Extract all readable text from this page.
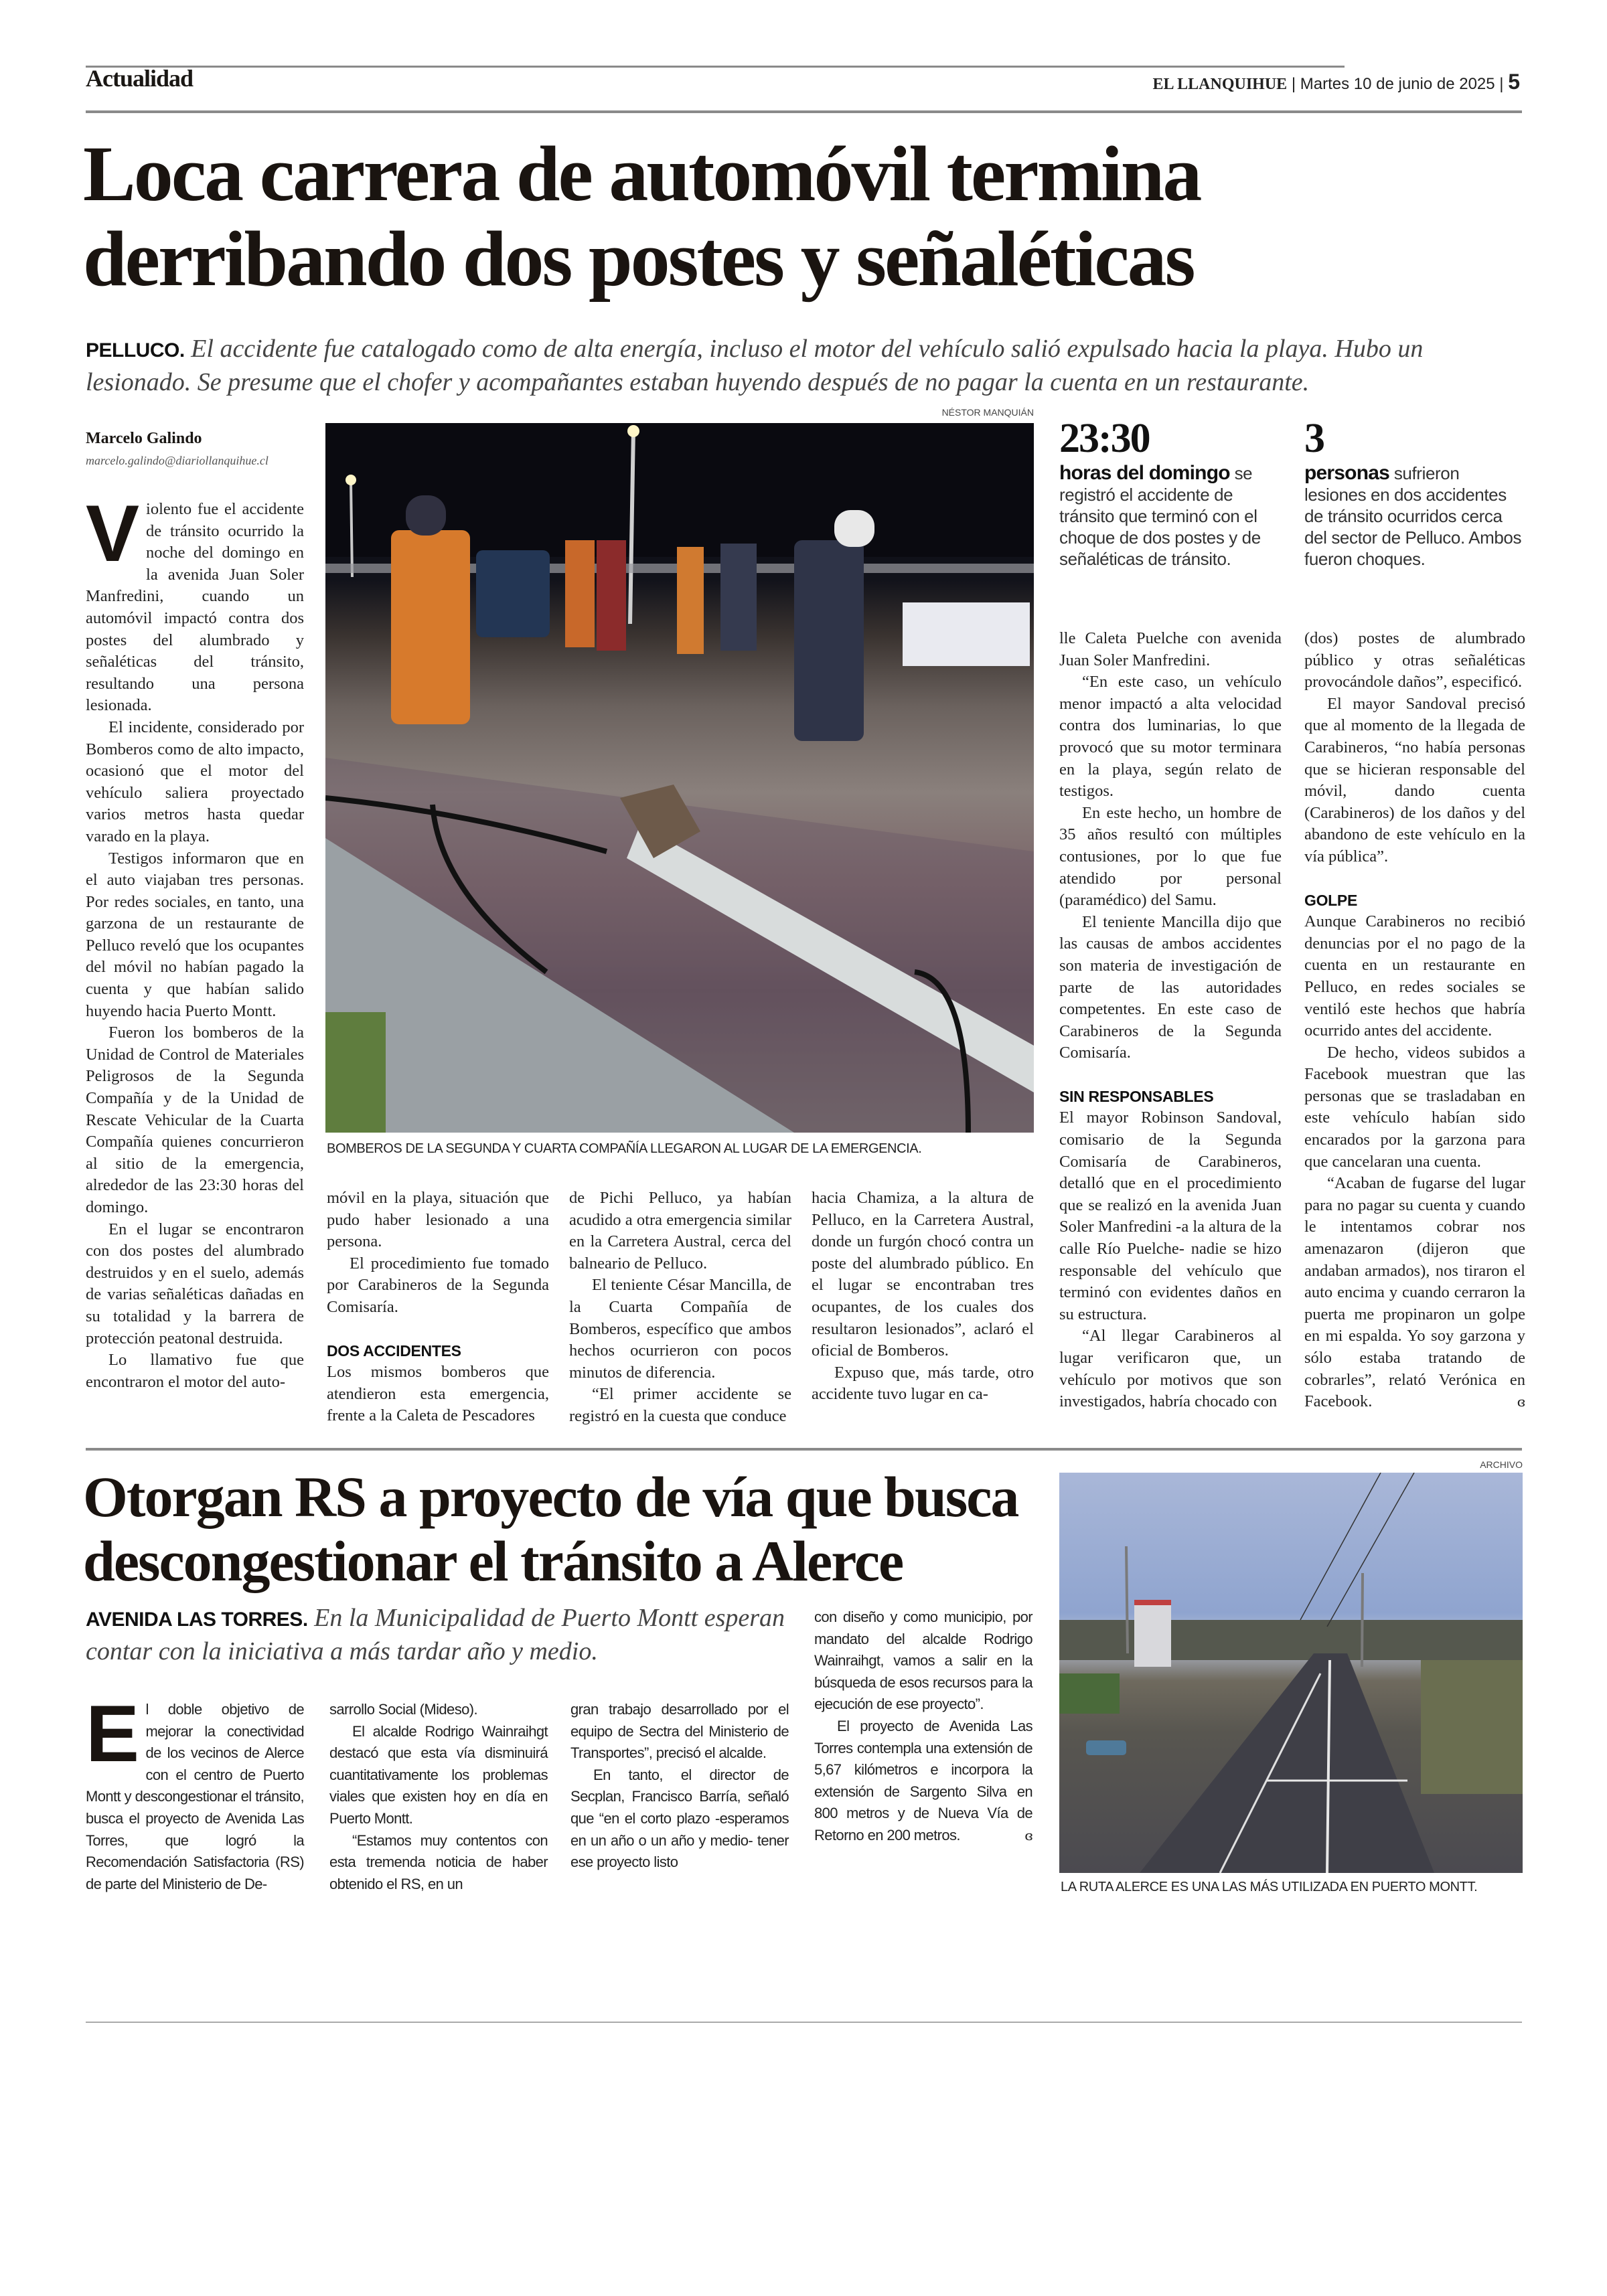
Actualidad	EL LLANQUIHUE | Martes 10 de junio de 2025 | 5
Loca carrera de automóvil termina
derribando dos postes y señaléticas
PELLUCO. El accidente fue catalogado como de alta energía, incluso el motor del vehículo salió expulsado hacia la playa. Hubo un lesionado. Se presume que el chofer y acompañantes estaban huyendo después de no pagar la cuenta en un restaurante.
Marcelo Galindo
marcelo.galindo@diariollanquihue.cl
V iolento fue el accidente de tránsito ocurrido la noche del domingo en la avenida Juan Soler Manfredini, cuando un automóvil impactó contra dos postes del alumbrado y señaléticas del tránsito, resultando una persona lesionada.

El incidente, considerado por Bomberos como de alto impacto, ocasionó que el motor del vehículo saliera proyectado varios metros hasta quedar varado en la playa.

Testigos informaron que en el auto viajaban tres personas. Por redes sociales, en tanto, una garzona de un restaurante de Pelluco reveló que los ocupantes del móvil no habían pagado la cuenta y que habían salido huyendo hacia Puerto Montt.

Fueron los bomberos de la Unidad de Control de Materiales Peligrosos de la Segunda Compañía y de la Unidad de Rescate Vehicular de la Cuarta Compañía quienes concurrieron al sitio de la emergencia, alrededor de las 23:30 horas del domingo.

En el lugar se encontraron con dos postes del alumbrado destruidos y en el suelo, además de varias señaléticas dañadas en su totalidad y la barrera de protección peatonal destruida.

Lo llamativo fue que encontraron el motor del auto-

NÉSTOR MANQUIÁN
BOMBEROS DE LA SEGUNDA Y CUARTA COMPAÑÍA LLEGARON AL LUGAR DE LA EMERGENCIA.

móvil en la playa, situación que pudo haber lesionado a una persona.

El procedimiento fue tomado por Carabineros de la Segunda Comisaría.

DOS ACCIDENTES

Los mismos bomberos que atendieron esta emergencia, frente a la Caleta de Pescadores

de Pichi Pelluco, ya habían acudido a otra emergencia similar en la Carretera Austral, cerca del balneario de Pelluco.

El teniente César Mancilla, de la Cuarta Compañía de Bomberos, específico que ambos hechos ocurrieron con pocos minutos de diferencia.

“El primer accidente se registró en la cuesta que conduce

hacia Chamiza, a la altura de Pelluco, en la Carretera Austral, donde un furgón chocó contra un poste del alumbrado público. En el lugar se encontraban tres ocupantes, de los cuales dos resultaron lesionados”, aclaró el oficial de Bomberos.

Expuso que, más tarde, otro accidente tuvo lugar en ca-

23:30
horas del domingo se registró el accidente de tránsito que terminó con el choque de dos postes y de señaléticas de tránsito.
3
personas sufrieron lesiones en dos accidentes de tránsito ocurridos cerca del sector de Pelluco. Ambos fueron choques.

lle Caleta Puelche con avenida Juan Soler Manfredini.

“En este caso, un vehículo menor impactó a alta velocidad contra dos luminarias, lo que provocó que su motor terminara en la playa, según relato de testigos.

En este hecho, un hombre de 35 años resultó con múltiples contusiones, por lo que fue atendido por personal (paramédico) del Samu.

El teniente Mancilla dijo que las causas de ambos accidentes son materia de investigación de parte de las autoridades competentes. En este caso de Carabineros de la Segunda Comisaría.

SIN RESPONSABLES

El mayor Robinson Sandoval, comisario de la Segunda Comisaría de Carabineros, detalló que en el procedimiento que se realizó en la avenida Juan Soler Manfredini -a la altura de la calle Río Puelche- nadie se hizo responsable del vehículo que terminó con evidentes daños en su estructura.

“Al llegar Carabineros al lugar verificaron que, un vehículo por motivos que son investigados, habría chocado con

(dos) postes de alumbrado público y otras señaléticas provocándole daños”, especificó.

El mayor Sandoval precisó que al momento de la llegada de Carabineros, “no había personas que se hicieran responsable del móvil, dando cuenta (Carabineros) de los daños y del abandono de este vehículo en la vía pública”.

GOLPE

Aunque Carabineros no recibió denuncias por el no pago de la cuenta en un restaurante en Pelluco, en redes sociales se ventiló este hechos que habría ocurrido antes del accidente.

De hecho, videos subidos a Facebook muestran que las personas que se trasladaban en este vehículo habían sido encarados por la garzona para que cancelaran una cuenta.

“Acaban de fugarse del lugar para no pagar su cuenta y cuando le intentamos cobrar nos amenazaron (dijeron que andaban armados), nos tiraron el auto encima y cuando cerraron la puerta me propinaron un golpe en mi espalda. Yo soy garzona y sólo estaba tratando de cobrarles”, relató Verónica en Facebook.	ɞ

Otorgan RS a proyecto de vía que busca
descongestionar el tránsito a Alerce
AVENIDA LAS TORRES. En la Municipalidad de Puerto Montt esperan contar con la iniciativa a más tardar año y medio.
E l doble objetivo de mejorar la conectividad de los vecinos de Alerce con el centro de Puerto Montt y descongestionar el tránsito, busca el proyecto de Avenida Las Torres, que logró la Recomendación Satisfactoria (RS) de parte del Ministerio de De-

sarrollo Social (Mideso).

El alcalde Rodrigo Wainraihgt destacó que esta vía disminuirá cuantitativamente los problemas viales que existen hoy en día en Puerto Montt.

“Estamos muy contentos con esta tremenda noticia de haber obtenido el RS, en un

gran trabajo desarrollado por el equipo de Sectra del Ministerio de Transportes”, precisó el alcalde.

En tanto, el director de Secplan, Francisco Barría, señaló que “en el corto plazo -esperamos en un año o un año y medio- tener ese proyecto listo

con diseño y como municipio, por mandato del alcalde Rodrigo Wainraihgt, vamos a salir en la búsqueda de esos recursos para la ejecución de ese proyecto”.

El proyecto de Avenida Las Torres contempla una extensión de 5,67 kilómetros e incorpora la extensión de Sargento Silva en 800 metros y de Nueva Vía de Retorno en 200 metros.	ɞ

ARCHIVO
LA RUTA ALERCE ES UNA LAS MÁS UTILIZADA EN PUERTO MONTT.
